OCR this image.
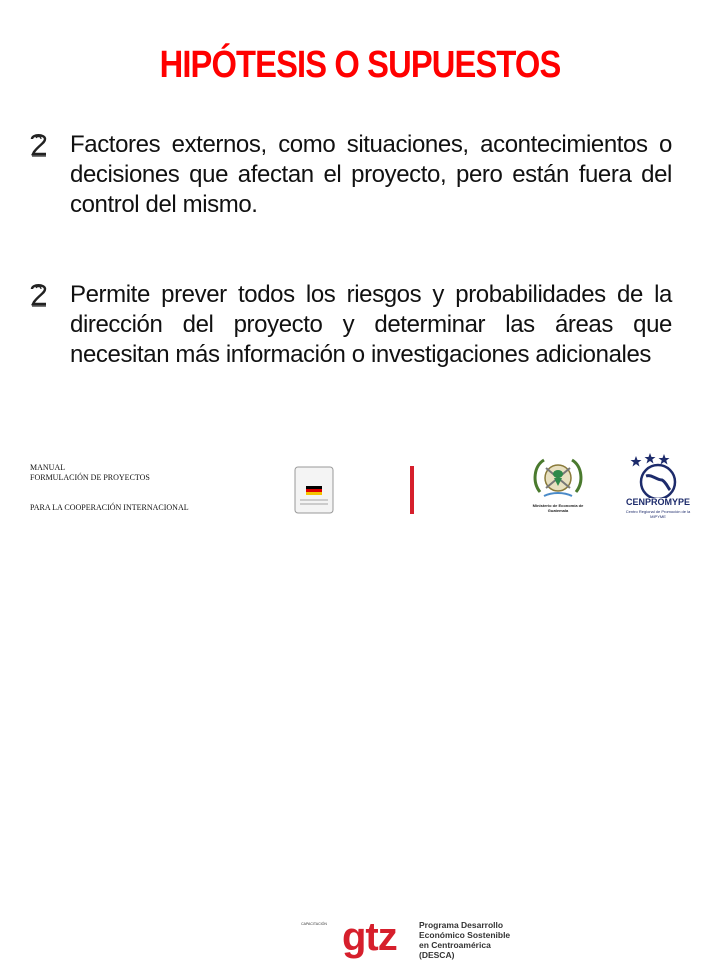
HIPÓTESIS O SUPUESTOS
Factores externos, como situaciones, acontecimientos o decisiones que afectan el proyecto, pero están fuera del control del mismo.
Permite prever todos los riesgos y probabilidades de la dirección del proyecto y determinar las áreas que necesitan más información o investigaciones adicionales
MANUAL
FORMULACIÓN DE PROYECTOS
PARA LA COOPERACIÓN INTERNACIONAL
CAPACITACIÓN gtz	Programa Desarrollo
Económico Sostenible
en Centroamérica
(DESCA)
Ministerio de Economía de Guatemala
CENPROMYPE
Centro Regional de Promoción de la MIPYME
